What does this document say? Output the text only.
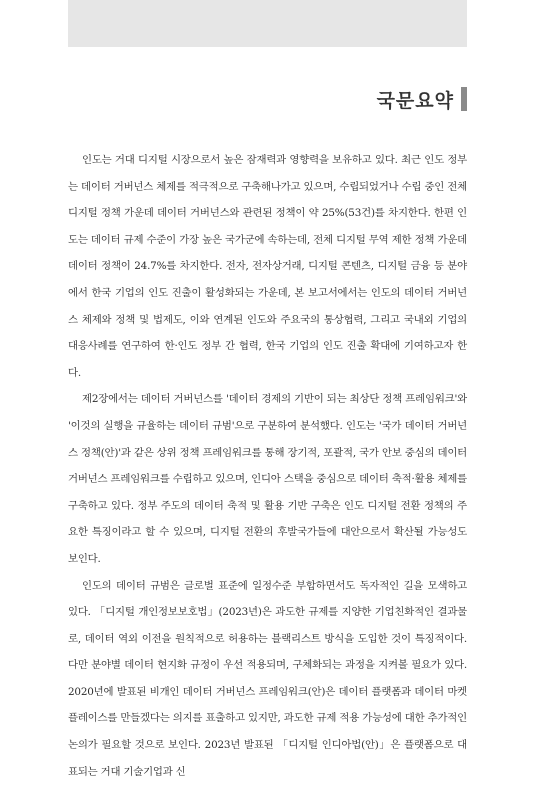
국문요약

인도는 거대 디지털 시장으로서 높은 잠재력과 영향력을 보유하고 있다. 최근 인도 정부는 데이터 거버넌스 체제를 적극적으로 구축해나가고 있으며, 수립되었거나 수립 중인 전체 디지털 정책 가운데 데이터 거버넌스와 관련된 정책이 약 25%(53건)를 차지한다. 한편 인도는 데이터 규제 수준이 가장 높은 국가군에 속하는데, 전체 디지털 무역 제한 정책 가운데 데이터 정책이 24.7%를 차지한다. 전자, 전자상거래, 디지털 콘텐츠, 디지털 금융 등 분야에서 한국 기업의 인도 진출이 활성화되는 가운데, 본 보고서에서는 인도의 데이터 거버넌스 체제와 정책 및 법제도, 이와 연계된 인도와 주요국의 통상협력, 그리고 국내외 기업의 대응사례를 연구하여 한·인도 정부 간 협력, 한국 기업의 인도 진출 확대에 기여하고자 한다.

제2장에서는 데이터 거버넌스를 '데이터 경제의 기반이 되는 최상단 정책 프레임워크'와 '이것의 실행을 규율하는 데이터 규범'으로 구분하여 분석했다. 인도는 '국가 데이터 거버넌스 정책(안)'과 같은 상위 정책 프레임워크를 통해 장기적, 포괄적, 국가 안보 중심의 데이터 거버넌스 프레임워크를 수립하고 있으며, 인디아 스택을 중심으로 데이터 축적·활용 체제를 구축하고 있다. 정부 주도의 데이터 축적 및 활용 기반 구축은 인도 디지털 전환 정책의 주요한 특징이라고 할 수 있으며, 디지털 전환의 후발국가들에 대안으로서 확산될 가능성도 보인다.

인도의 데이터 규범은 글로벌 표준에 일정수준 부합하면서도 독자적인 길을 모색하고 있다. 「디지털 개인정보보호법」(2023년)은 과도한 규제를 지양한 기업친화적인 결과물로, 데이터 역외 이전을 원칙적으로 허용하는 블랙리스트 방식을 도입한 것이 특징적이다. 다만 분야별 데이터 현지화 규정이 우선 적용되며, 구체화되는 과정을 지켜볼 필요가 있다. 2020년에 발표된 비개인 데이터 거버넌스 프레임워크(안)은 데이터 플랫폼과 데이터 마켓플레이스를 만들겠다는 의지를 표출하고 있지만, 과도한 규제 적용 가능성에 대한 추가적인 논의가 필요할 것으로 보인다. 2023년 발표된 「디지털 인디아법(안)」은 플랫폼으로 대표되는 거대 기술기업과 신
